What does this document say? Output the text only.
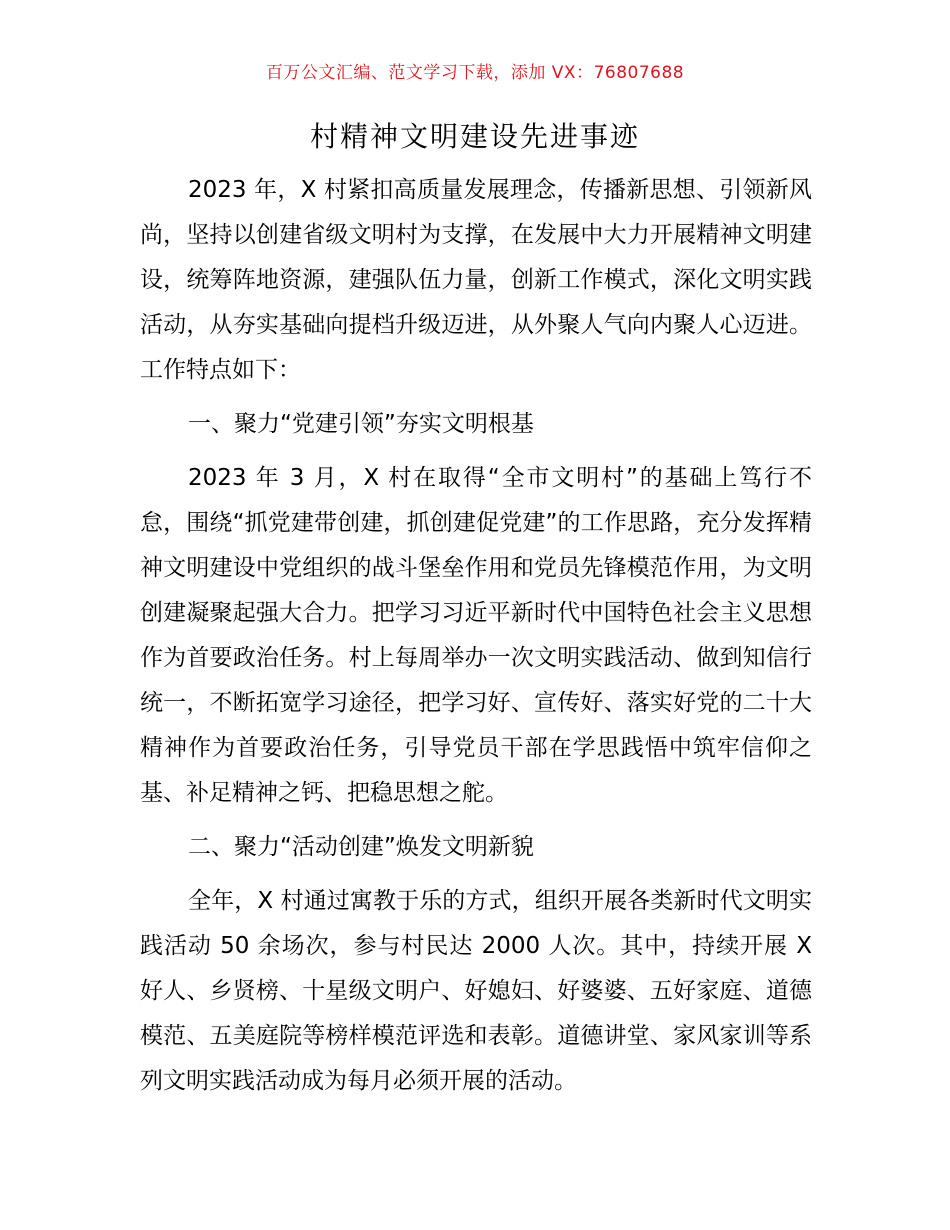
百万公文汇编、范文学习下载，添加 VX：76807688
村精神文明建设先进事迹

2023 年，X 村紧扣高质量发展理念，传播新思想、引领新风尚，坚持以创建省级文明村为支撑，在发展中大力开展精神文明建设，统筹阵地资源，建强队伍力量，创新工作模式，深化文明实践活动，从夯实基础向提档升级迈进，从外聚人气向内聚人心迈进。工作特点如下：

一、聚力“党建引领”夯实文明根基

2023 年 3 月，X 村在取得“全市文明村”的基础上笃行不怠，围绕“抓党建带创建，抓创建促党建”的工作思路，充分发挥精神文明建设中党组织的战斗堡垒作用和党员先锋模范作用，为文明创建凝聚起强大合力。把学习习近平新时代中国特色社会主义思想作为首要政治任务。村上每周举办一次文明实践活动、做到知信行统一，不断拓宽学习途径，把学习好、宣传好、落实好党的二十大精神作为首要政治任务，引导党员干部在学思践悟中筑牢信仰之基、补足精神之钙、把稳思想之舵。

二、聚力“活动创建”焕发文明新貌

全年，X 村通过寓教于乐的方式，组织开展各类新时代文明实践活动 50 余场次，参与村民达 2000 人次。其中，持续开展 X 好人、乡贤榜、十星级文明户、好媳妇、好婆婆、五好家庭、道德模范、五美庭院等榜样模范评选和表彰。道德讲堂、家风家训等系列文明实践活动成为每月必须开展的活动。
